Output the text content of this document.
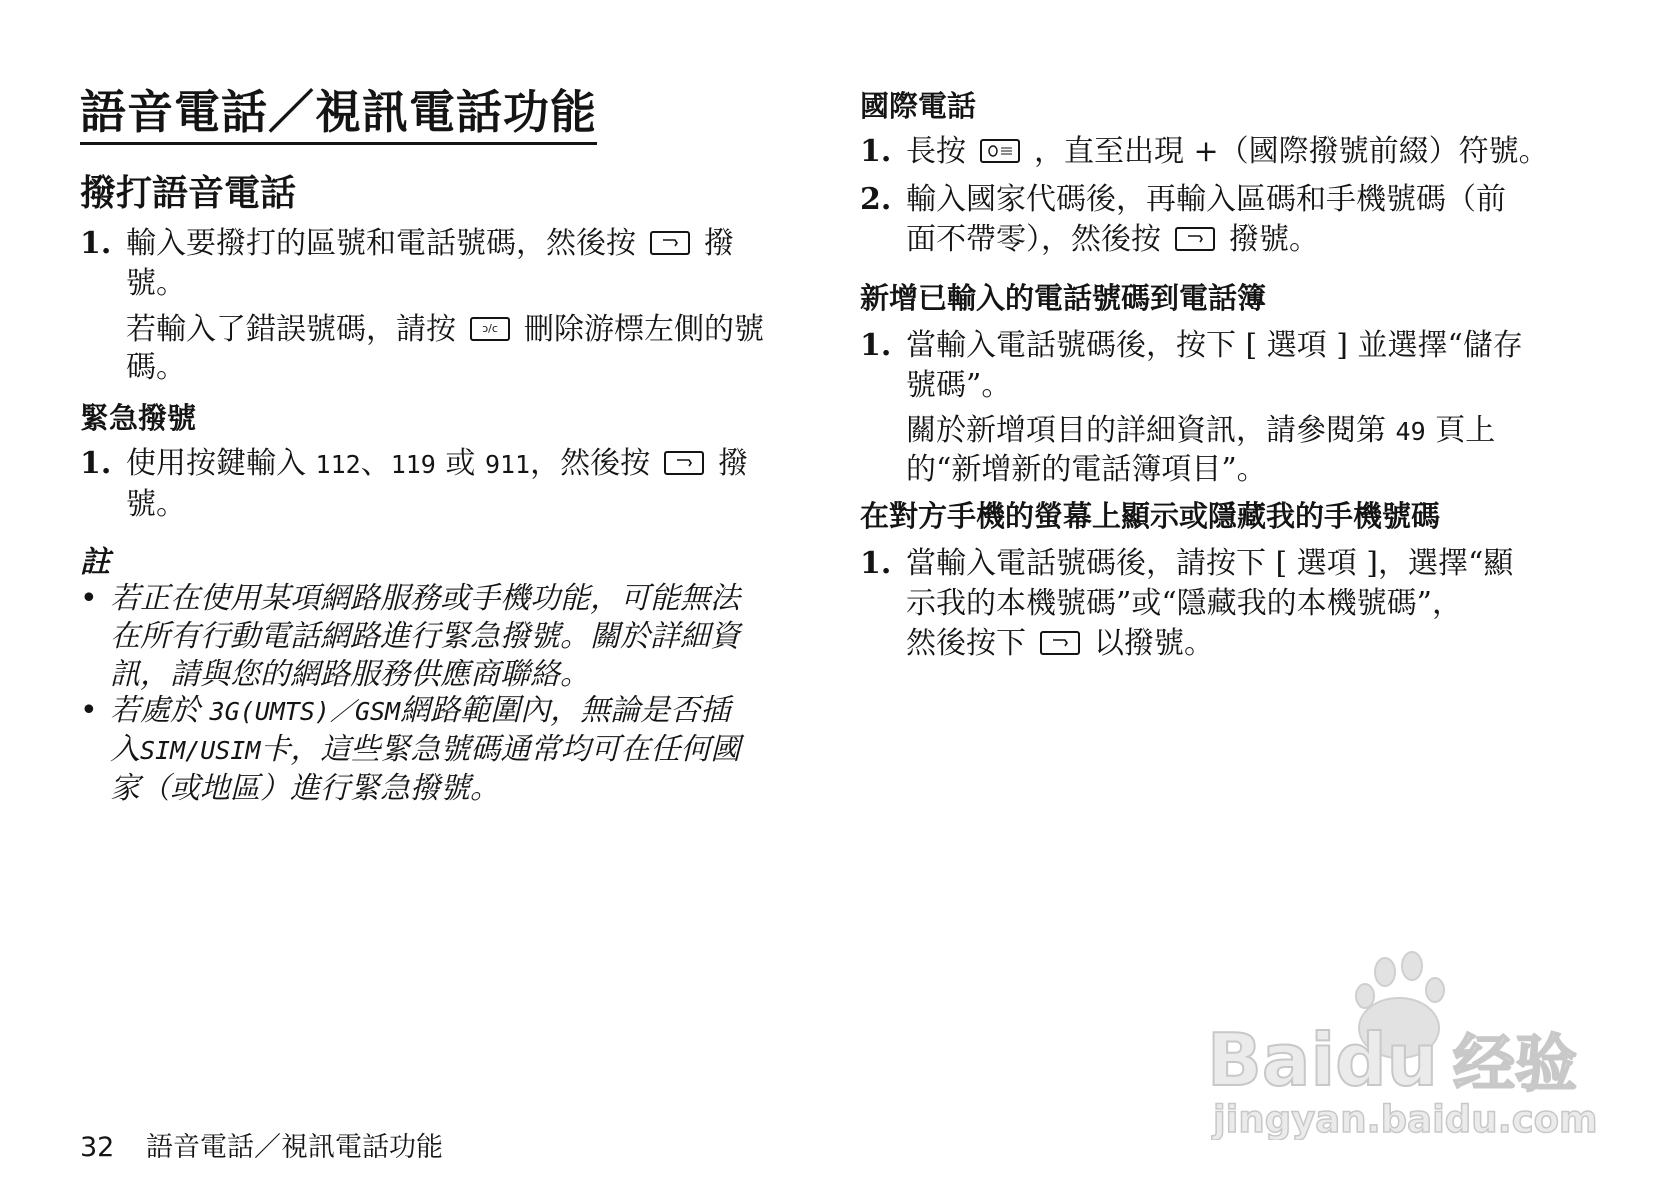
語音電話／視訊電話功能
撥打語音電話
1. 輸入要撥打的區號和電話號碼，然後按 撥
號。
若輸入了錯誤號碼，請按 ɔ/c 刪除游標左側的號
碼。
緊急撥號
1. 使用按鍵輸入 112、119 或 911，然後按 撥
號。
註
• 若正在使用某項網路服務或手機功能，可能無法
在所有行動電話網路進行緊急撥號。關於詳細資
訊，請與您的網路服務供應商聯絡。
• 若處於 3G(UMTS)／GSM網路範圍內，無論是否插
入SIM/USIM卡，這些緊急號碼通常均可在任何國
家（或地區）進行緊急撥號。
國際電話
1. 長按 ，直至出現 +（國際撥號前綴）符號。
2. 輸入國家代碼後，再輸入區碼和手機號碼（前
面不帶零），然後按 撥號。
新增已輸入的電話號碼到電話簿
1. 當輸入電話號碼後，按下 [ 選項 ] 並選擇“儲存
號碼”。
關於新增項目的詳細資訊，請參閱第 49 頁上
的“新增新的電話簿項目”。
在對方手機的螢幕上顯示或隱藏我的手機號碼
1. 當輸入電話號碼後，請按下 [ 選項 ]，選擇“顯
示我的本機號碼”或“隱藏我的本機號碼”，
然後按下 以撥號。
32 語音電話／視訊電話功能
Baidu 经验
jingyan.baidu.com
